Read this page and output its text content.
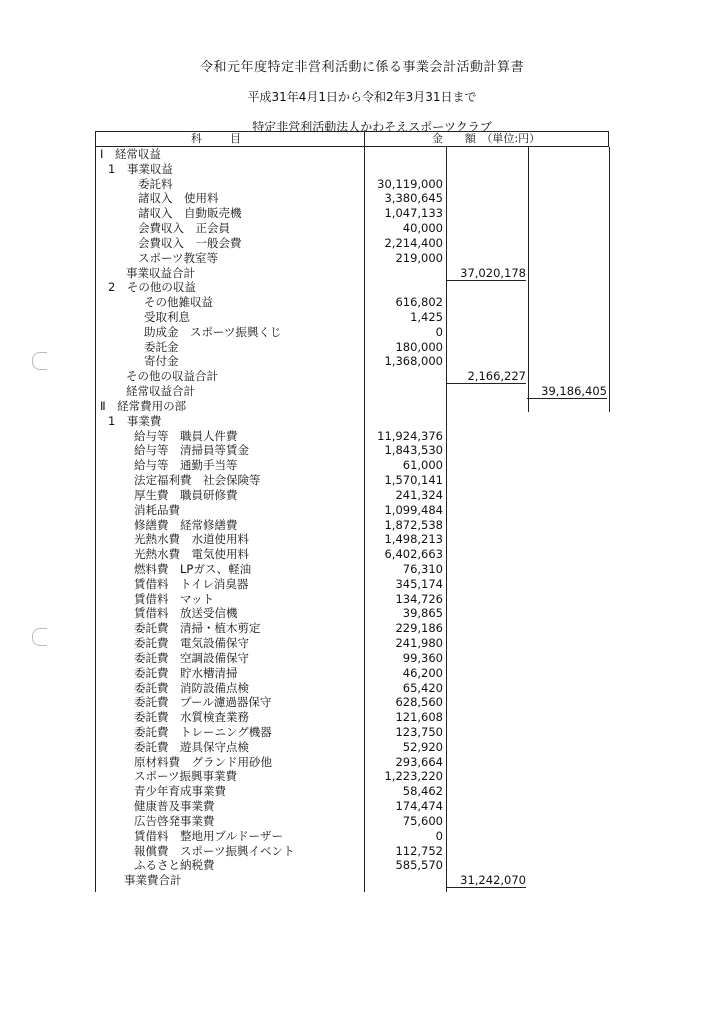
令和元年度特定非営利活動に係る事業会計活動計算書
平成31年4月1日から令和2年3月31日まで
特定非営利活動法人かわそえスポーツクラブ
科目	金　　額　（単位:円）
Ⅰ　経常収益
1　事業収益
委託料	30,119,000
諸収入　使用料	3,380,645
諸収入　自動販売機	1,047,133
会費収入　正会員	40,000
会費収入　一般会費	2,214,400
スポーツ教室等	219,000
事業収益合計	37,020,178
2　その他の収益
その他雑収益	616,802
受取利息	1,425
助成金　スポーツ振興くじ	0
委託金	180,000
寄付金	1,368,000
その他の収益合計	2,166,227
経常収益合計	39,186,405
Ⅱ　経常費用の部
1　事業費
給与等　職員人件費	11,924,376
給与等　清掃員等賃金	1,843,530
給与等　通勤手当等	61,000
法定福利費　社会保険等	1,570,141
厚生費　職員研修費	241,324
消耗品費	1,099,484
修繕費　経常修繕費	1,872,538
光熱水費　水道使用料	1,498,213
光熱水費　電気使用料	6,402,663
燃料費　LPガス、軽油	76,310
賃借料　トイレ消臭器	345,174
賃借料　マット	134,726
賃借料　放送受信機	39,865
委託費　清掃・植木剪定	229,186
委託費　電気設備保守	241,980
委託費　空調設備保守	99,360
委託費　貯水槽清掃	46,200
委託費　消防設備点検	65,420
委託費　プール濾過器保守	628,560
委託費　水質検査業務	121,608
委託費　トレーニング機器	123,750
委託費　遊具保守点検	52,920
原材料費　グランド用砂他	293,664
スポーツ振興事業費	1,223,220
青少年育成事業費	58,462
健康普及事業費	174,474
広告啓発事業費	75,600
賃借料　整地用ブルドーザー	0
報償費　スポーツ振興イベント	112,752
ふるさと納税費	585,570
事業費合計	31,242,070
